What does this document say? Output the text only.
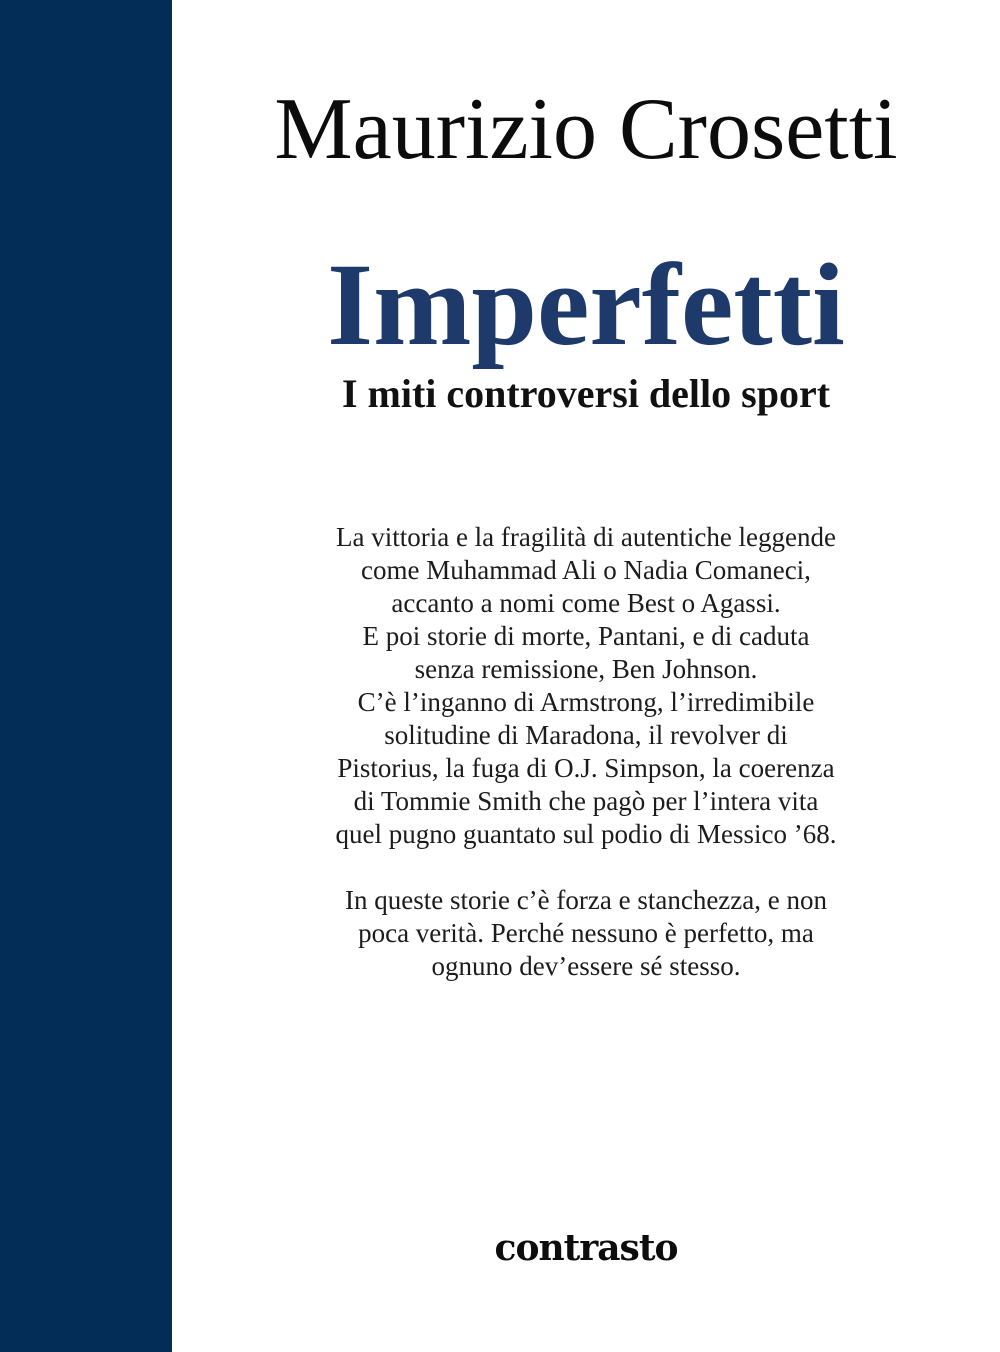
Maurizio Crosetti
Imperfetti
I miti controversi dello sport
La vittoria e la fragilità di autentiche leggende
come Muhammad Ali o Nadia Comaneci,
accanto a nomi come Best o Agassi.
E poi storie di morte, Pantani, e di caduta
senza remissione, Ben Johnson.
C’è l’inganno di Armstrong, l’irredimibile
solitudine di Maradona, il revolver di
Pistorius, la fuga di O.J. Simpson, la coerenza
di Tommie Smith che pagò per l’intera vita
quel pugno guantato sul podio di Messico ’68.
In queste storie c’è forza e stanchezza, e non
poca verità. Perché nessuno è perfetto, ma
ognuno dev’essere sé stesso.
contrasto
